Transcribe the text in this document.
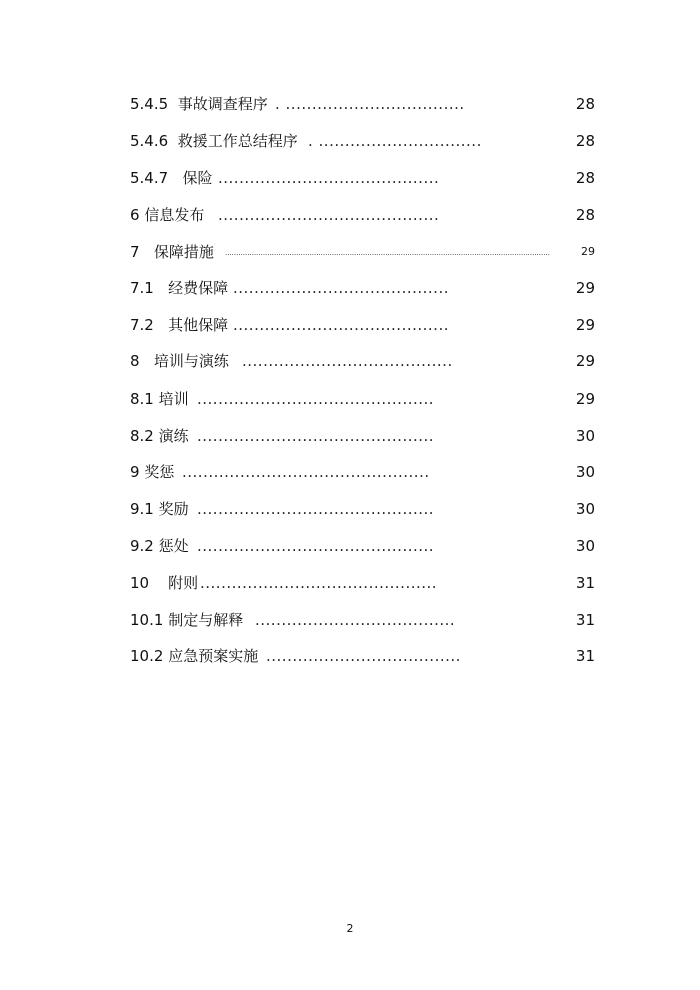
5.4.5 事故调查程序 . ..................................	28
5.4.6 救援工作总结程序 . ...............................	28
5.4.7   保险 ..........................................	28
6 信息发布 ..........................................	28
7   保障措施 ..................................................................................................................................................	29
7.1   经费保障 .........................................	29
7.2   其他保障 .........................................	29
8   培训与演练 ........................................	29
8.1 培训 .............................................	29
8.2 演练 .............................................	30
9 奖惩 ...............................................	30
9.1 奖励 .............................................	30
9.2 惩处 .............................................	30
10    附则 .............................................	31
10.1 制定与解释 ......................................	31
10.2 应急预案实施 .....................................	31
2
